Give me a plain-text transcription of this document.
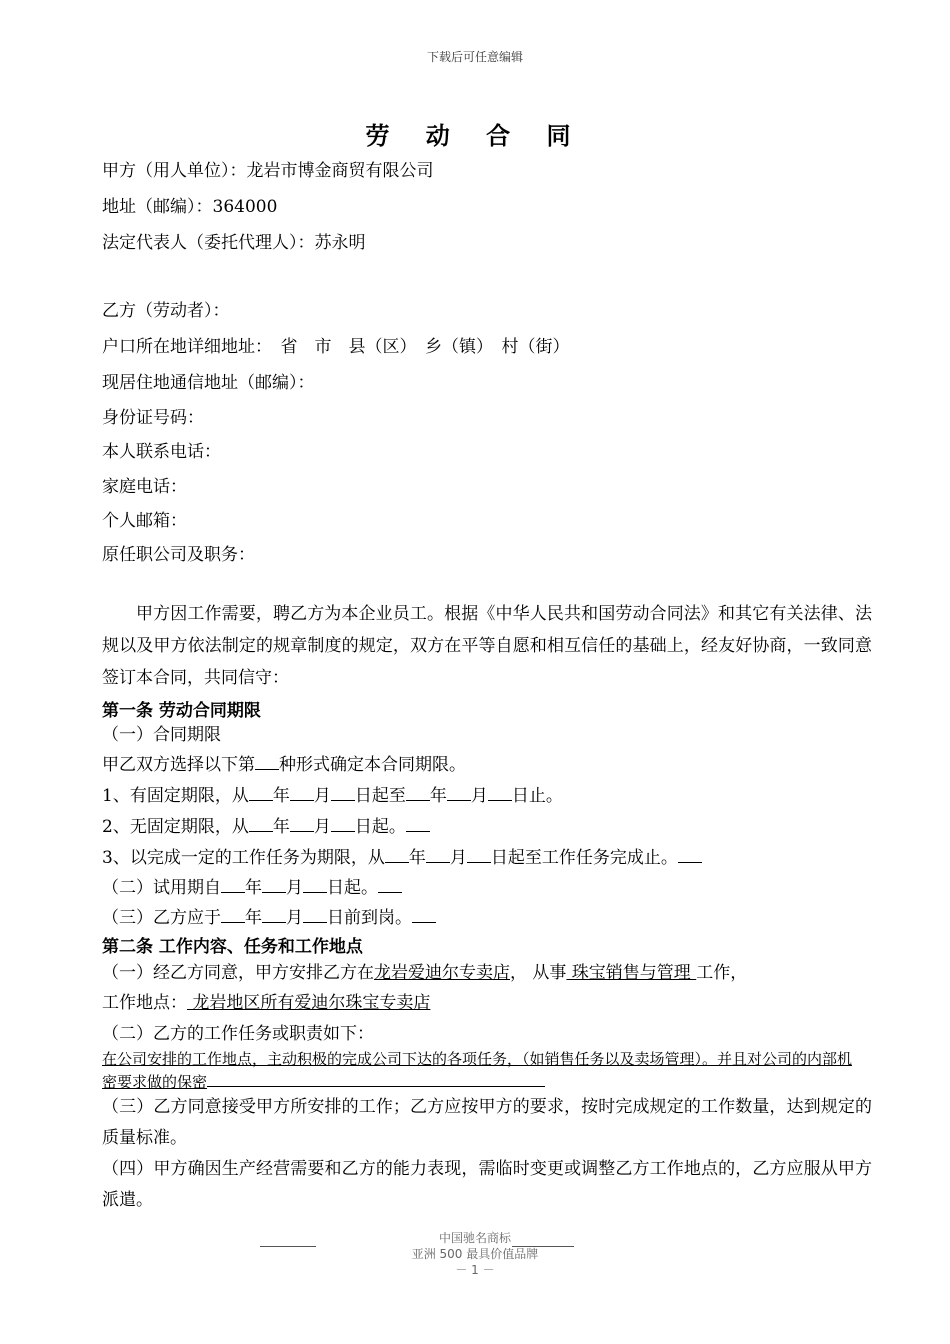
下载后可任意编辑
劳 动 合 同
甲方（用人单位）：龙岩市博金商贸有限公司
地址（邮编）：364000
法定代表人（委托代理人）：苏永明
乙方（劳动者）：
户口所在地详细地址：　省　市　县（区）　乡（镇）　村（街）
现居住地通信地址（邮编）：
身份证号码：
本人联系电话：
家庭电话：
个人邮箱：
原任职公司及职务：
甲方因工作需要，聘乙方为本企业员工。根据《中华人民共和国劳动合同法》和其它有关法律、法规以及甲方依法制定的规章制度的规定，双方在平等自愿和相互信任的基础上，经友好协商，一致同意签订本合同，共同信守：
第一条 劳动合同期限
（一）合同期限
甲乙双方选择以下第 种形式确定本合同期限。
1、有固定期限，从 年 月 日起至 年 月 日止。
2、无固定期限，从 年 月 日起。
3、以完成一定的工作任务为期限，从 年 月 日起至工作任务完成止。
（二）试用期自 年 月 日起。
（三）乙方应于 年 月 日前到岗。
第二条 工作内容、任务和工作地点
（一）经乙方同意，甲方安排乙方在龙岩爱迪尔专卖店， 从事 珠宝销售与管理 工作，
工作地点： 龙岩地区所有爱迪尔珠宝专卖店
（二）乙方的工作任务或职责如下：
在公司安排的工作地点，主动积极的完成公司下达的各项任务，（如销售任务以及卖场管理）。并且对公司的内部机密要求做的保密
（三）乙方同意接受甲方所安排的工作；乙方应按甲方的要求，按时完成规定的工作数量，达到规定的质量标准。
（四）甲方确因生产经营需要和乙方的能力表现，需临时变更或调整乙方工作地点的，乙方应服从甲方派遣。
中国驰名商标
亚洲 500 最具价值品牌
－ 1 －
